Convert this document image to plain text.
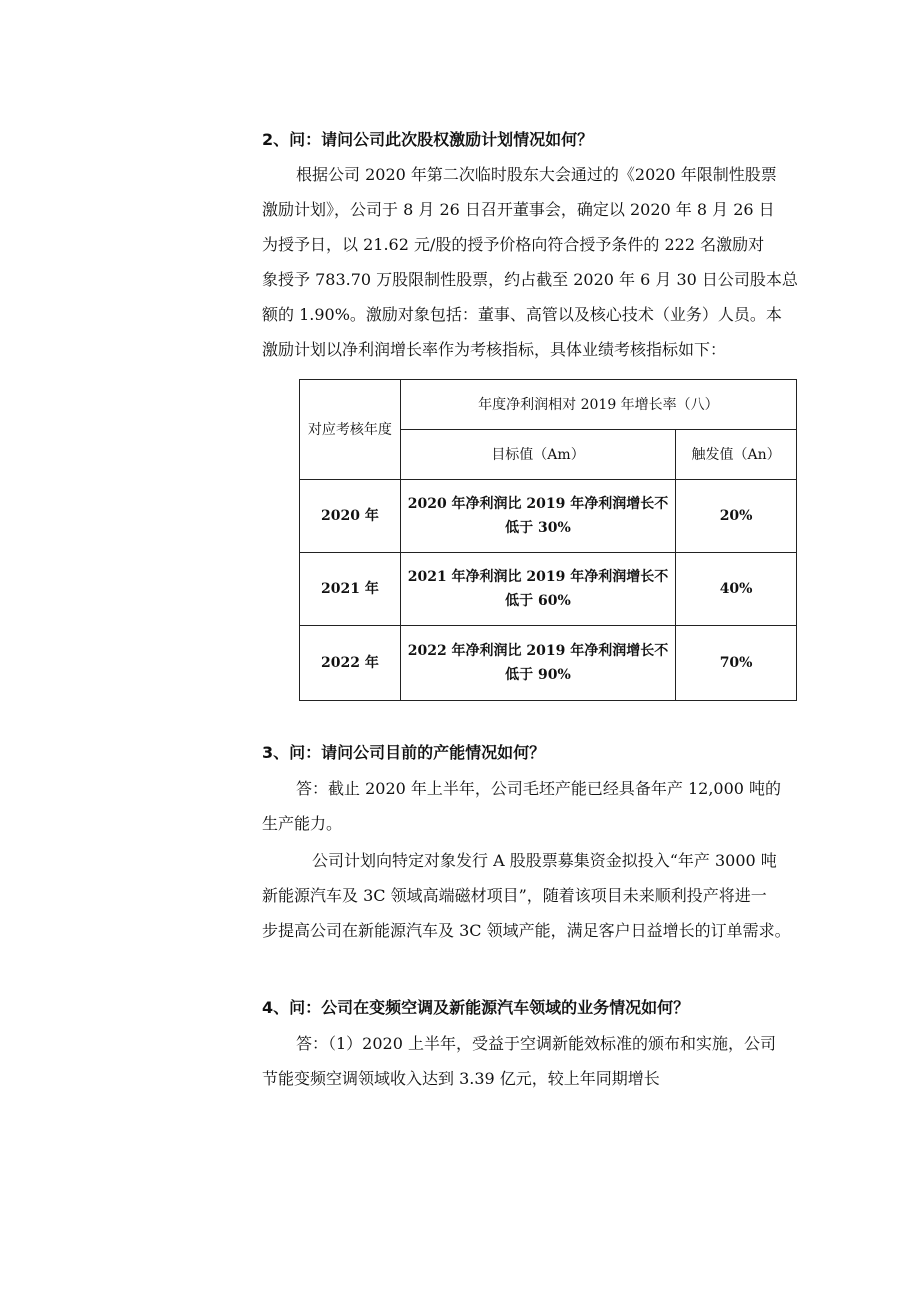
2、问：请问公司此次股权激励计划情况如何？
根据公司 2020 年第二次临时股东大会通过的《2020 年限制性股票
激励计划》，公司于 8 月 26 日召开董事会，确定以 2020 年 8 月 26 日
为授予日，以 21.62 元/股的授予价格向符合授予条件的 222 名激励对
象授予 783.70 万股限制性股票，约占截至 2020 年 6 月 30 日公司股本总
额的 1.90%。激励对象包括：董事、高管以及核心技术（业务）人员。本
激励计划以净利润增长率作为考核指标，具体业绩考核指标如下：
对应考核年度	年度净利润相对 2019 年增长率（八）	
	目标值（Am）	触发值（An）
2020 年	2020 年净利润比 2019 年净利润增长不低于 30%	20%
2021 年	2021 年净利润比 2019 年净利润增长不低于 60%	40%
2022 年	2022 年净利润比 2019 年净利润增长不低于 90%	70%
3、问：请问公司目前的产能情况如何？
答：截止 2020 年上半年，公司毛坯产能已经具备年产 12,000 吨的
生产能力。
公司计划向特定对象发行 A 股股票募集资金拟投入“年产 3000 吨
新能源汽车及 3C 领域高端磁材项目”，随着该项目未来顺利投产将进一
步提高公司在新能源汽车及 3C 领域产能，满足客户日益增长的订单需求。
4、问：公司在变频空调及新能源汽车领域的业务情况如何？
答：（1）2020 上半年，受益于空调新能效标准的颁布和实施，公司
节能变频空调领域收入达到 3.39 亿元，较上年同期增长
